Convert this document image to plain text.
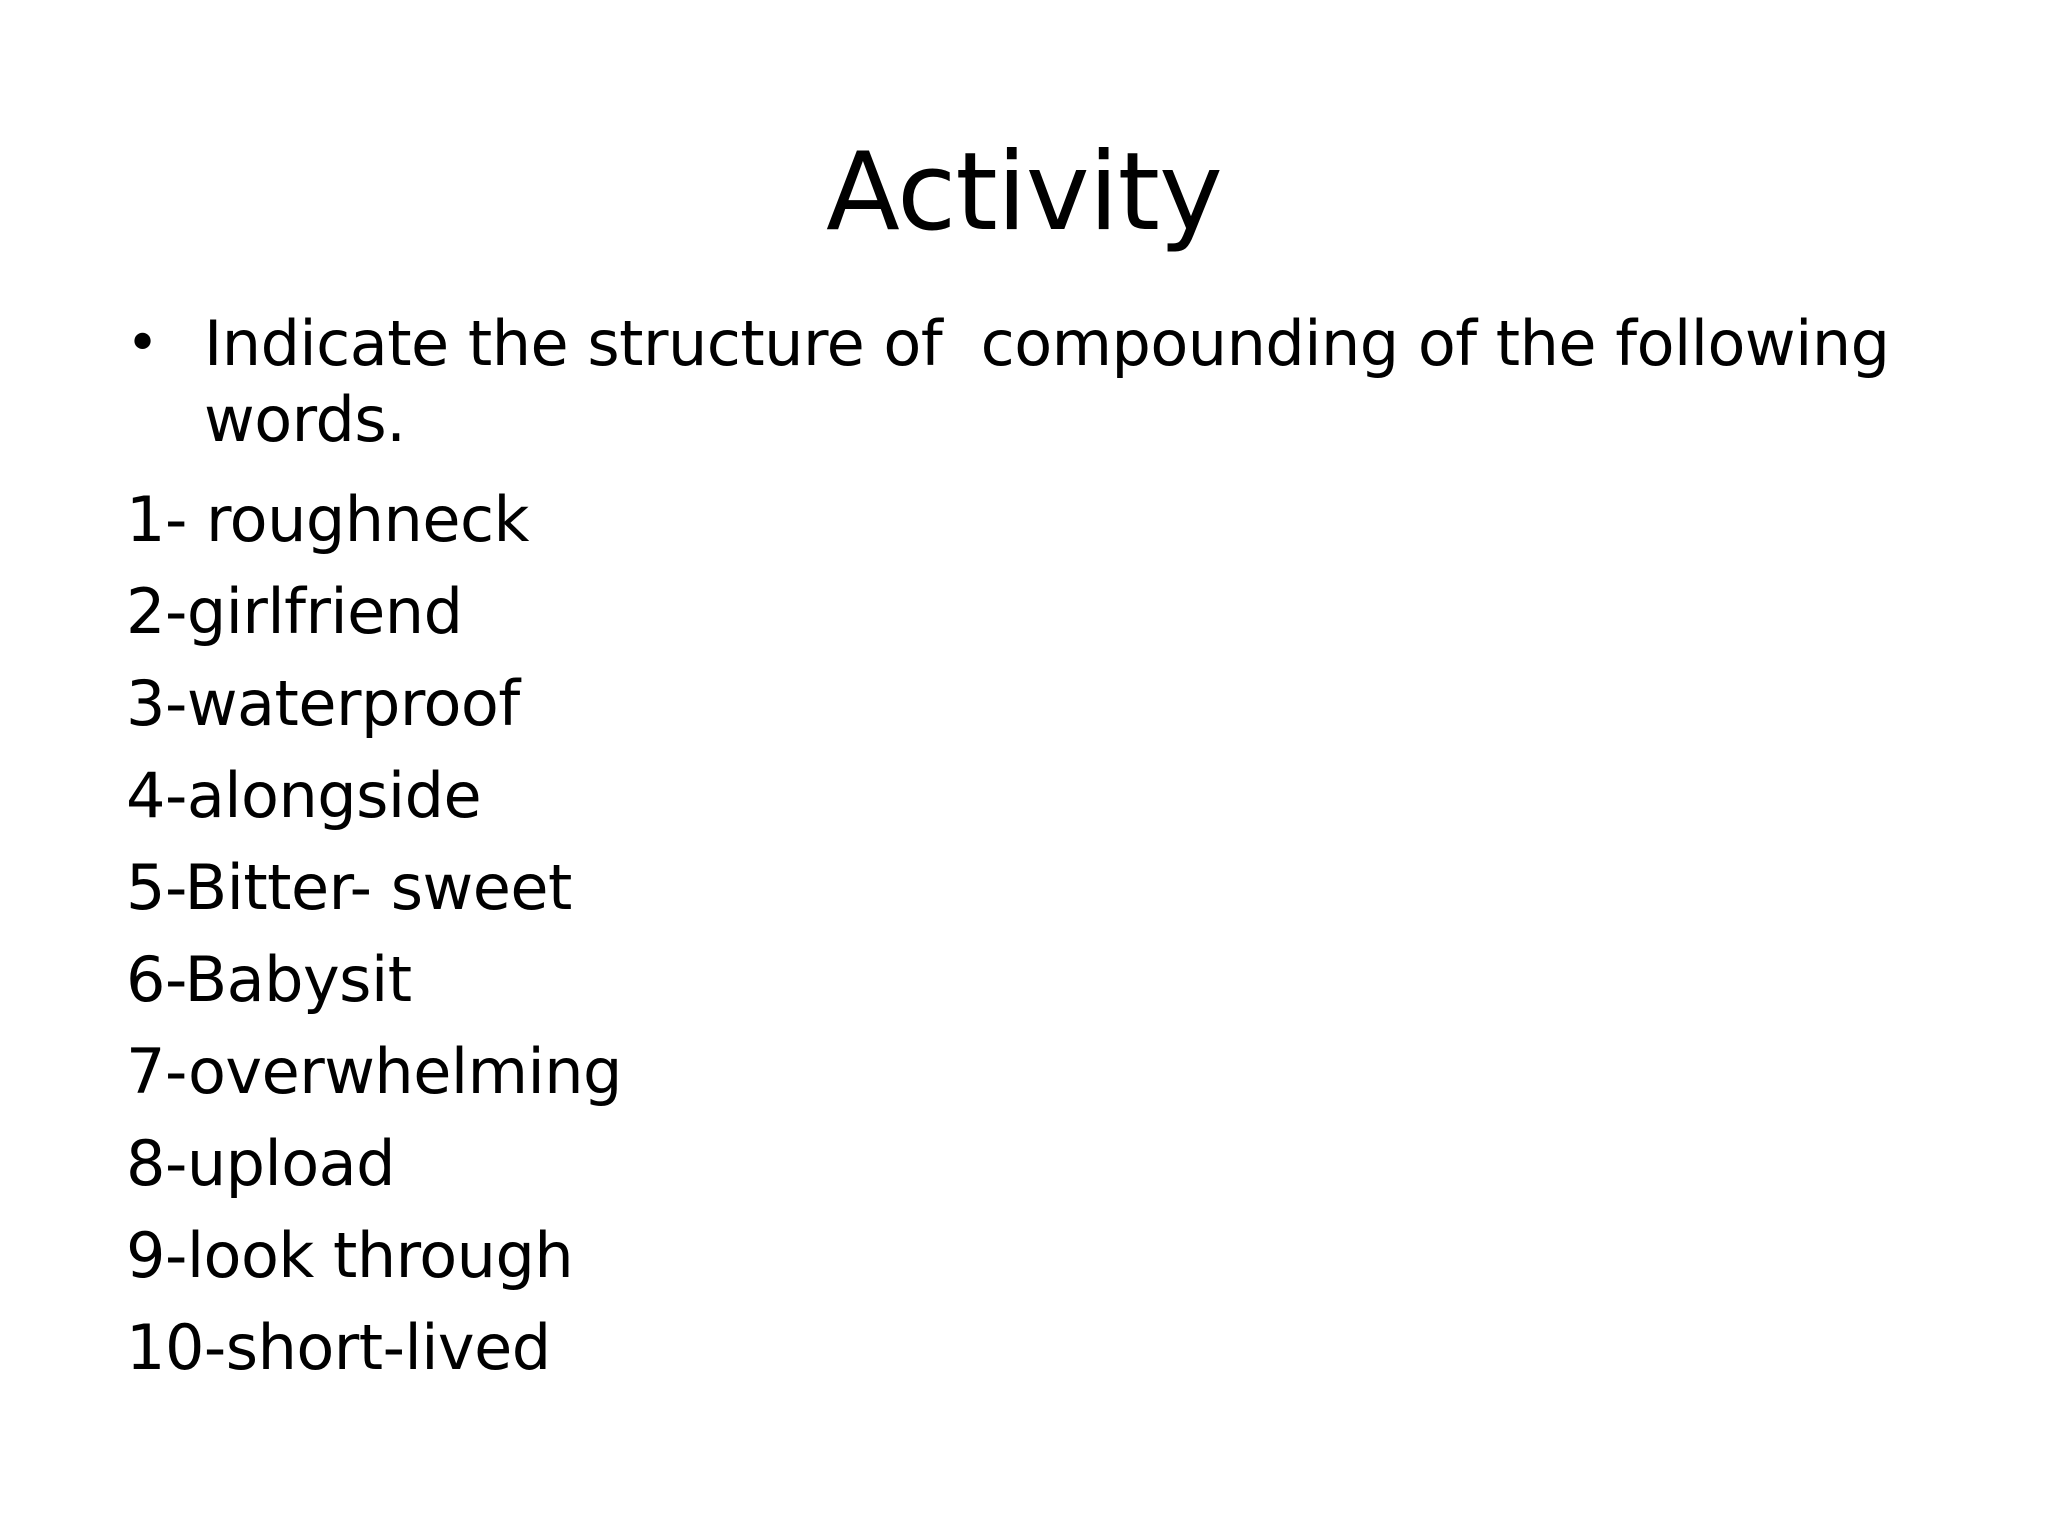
Activity
• Indicate the structure of  compounding of the following words.
1- roughneck
2-girlfriend
3-waterproof
4-alongside
5-Bitter- sweet
6-Babysit
7-overwhelming
8-upload
9-look through
10-short-lived
